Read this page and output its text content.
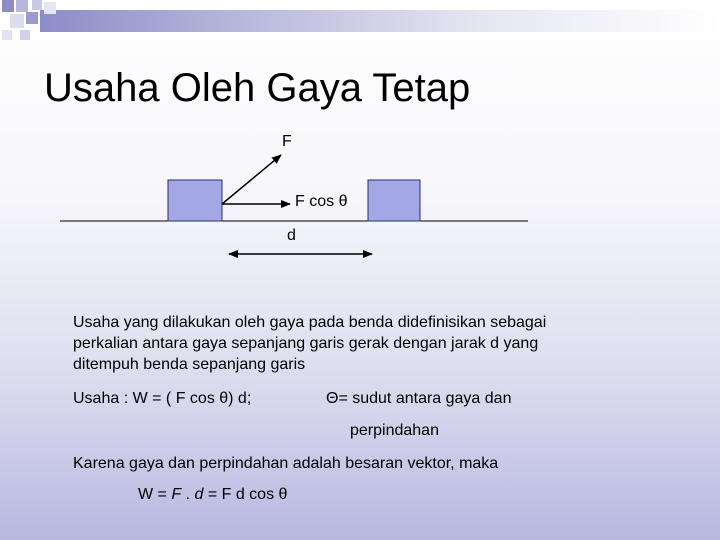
Usaha Oleh Gaya Tetap
F
F cos θ
d
Usaha yang dilakukan oleh gaya pada benda didefinisikan sebagai perkalian antara gaya sepanjang garis gerak dengan jarak d yang ditempuh benda sepanjang garis
Usaha : W = ( F cos θ) d;	Θ= sudut antara gaya dan
perpindahan
Karena gaya dan perpindahan adalah besaran vektor, maka
W = F . d = F d cos θ
